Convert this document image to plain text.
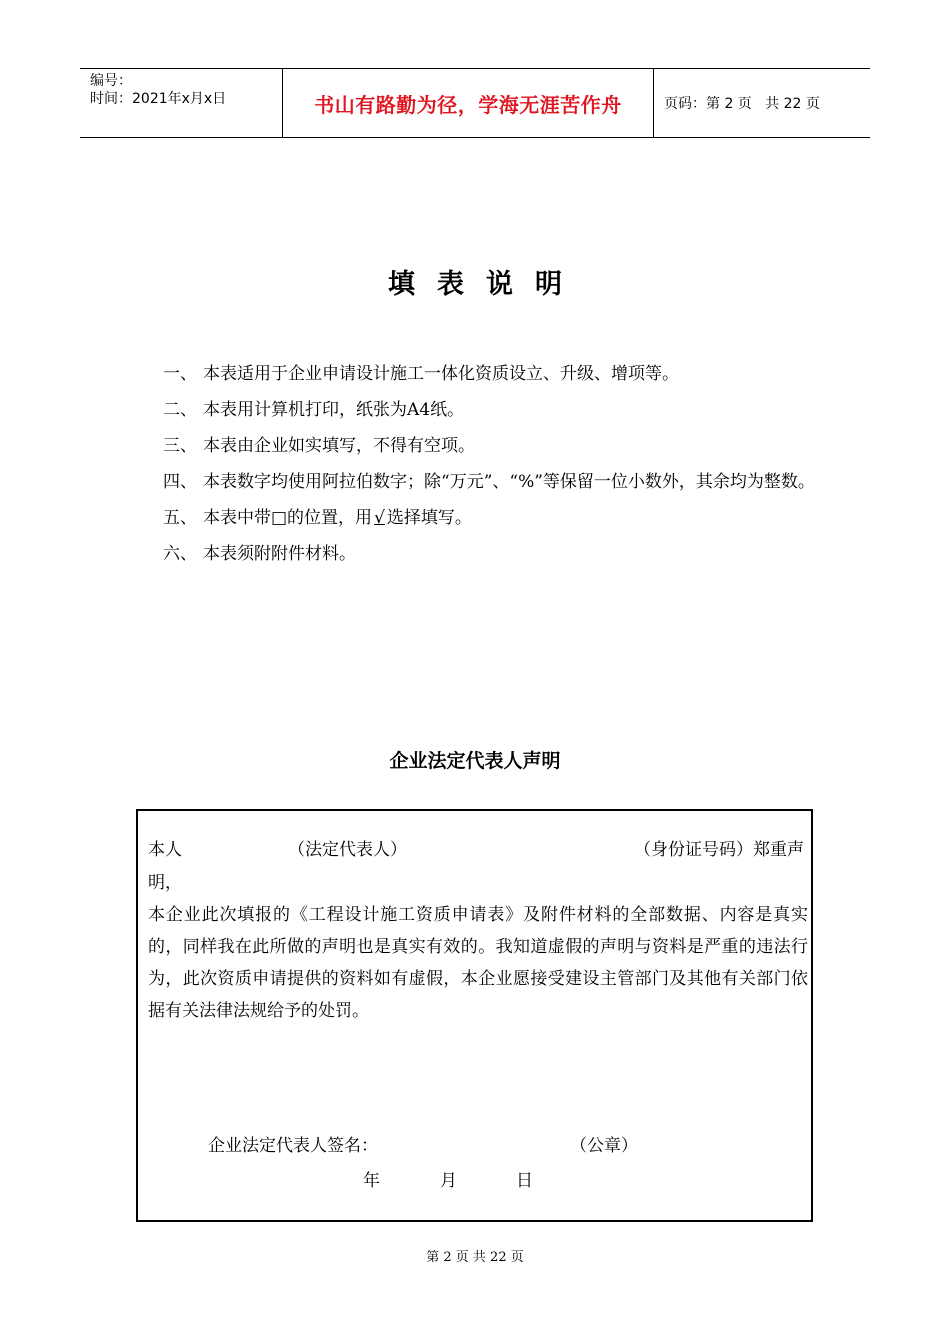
编号：
时间：2021年x月x日	书山有路勤为径，学海无涯苦作舟	页码：第 2 页   共 22 页
填表说明
一、 本表适用于企业申请设计施工一体化资质设立、升级、增项等。
二、 本表用计算机打印，纸张为A4纸。
三、 本表由企业如实填写，不得有空项。
四、 本表数字均使用阿拉伯数字；除“万元”、“%”等保留一位小数外，其余均为整数。
五、 本表中带□的位置，用 √ 选择填写。
六、 本表须附附件材料。
企业法定代表人声明
本人	（法定代表人）	（身份证号码）郑重声
明，
本企业此次填报的《工程设计施工资质申请表》及附件材料的全部数据、内容是真实的，同样我在此所做的声明也是真实有效的。我知道虚假的声明与资料是严重的违法行为，此次资质申请提供的资料如有虚假，本企业愿接受建设主管部门及其他有关部门依据有关法律法规给予的处罚。
企业法定代表人签名：	（公章）
年	月	日
第 2 页 共 22 页
